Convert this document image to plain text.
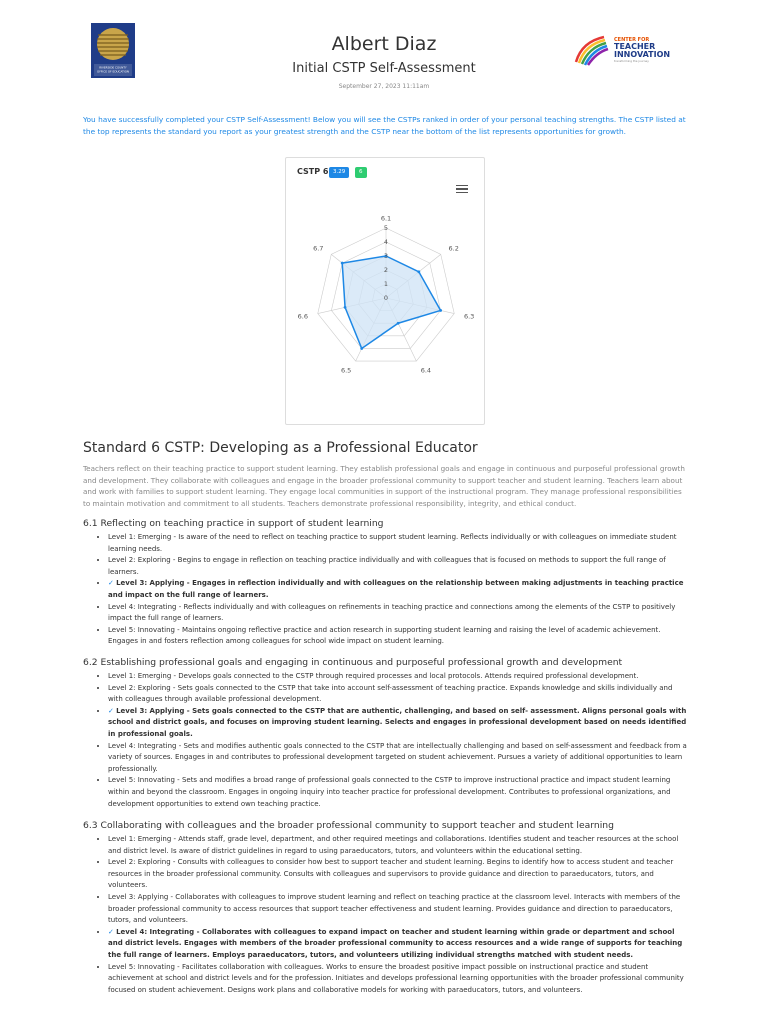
RIVERSIDE COUNTY
OFFICE OF EDUCATION
Albert Diaz
Initial CSTP Self-Assessment
September 27, 2023 11:11am
CENTER FOR
TEACHER
INNOVATION
transforming the journey

You have successfully completed your CSTP Self-Assessment! Below you will see the CSTPs ranked in order of your personal teaching strengths. The CSTP listed at the top represents the standard you report as your greatest strength and the CSTP near the bottom of the list represents opportunities for growth.

CSTP 6 3.29	6
0
1
2
3
4
5
6.1
6.2
6.3
6.4
6.5
6.6
6.7
Standard 6 CSTP: Developing as a Professional Educator

Teachers reflect on their teaching practice to support student learning. They establish professional goals and engage in continuous and purposeful professional growth and development. They collaborate with colleagues and engage in the broader professional community to support teacher and student learning. Teachers learn about and work with families to support student learning. They engage local communities in support of the instructional program. They manage professional responsibilities to maintain motivation and commitment to all students. Teachers demonstrate professional responsibility, integrity, and ethical conduct.

6.1 Reflecting on teaching practice in support of student learning
• Level 1: Emerging - Is aware of the need to reflect on teaching practice to support student learning. Reflects individually or with colleagues on immediate student learning needs.
• Level 2: Exploring - Begins to engage in reflection on teaching practice individually and with colleagues that is focused on methods to support the full range of learners.
• ✓ Level 3: Applying - Engages in reflection individually and with colleagues on the relationship between making adjustments in teaching practice and impact on the full range of learners.
• Level 4: Integrating - Reflects individually and with colleagues on refinements in teaching practice and connections among the elements of the CSTP to positively impact the full range of learners.
• Level 5: Innovating - Maintains ongoing reflective practice and action research in supporting student learning and raising the level of academic achievement. Engages in and fosters reflection among colleagues for school wide impact on student learning.
6.2 Establishing professional goals and engaging in continuous and purposeful professional growth and development
• Level 1: Emerging - Develops goals connected to the CSTP through required processes and local protocols. Attends required professional development.
• Level 2: Exploring - Sets goals connected to the CSTP that take into account self-assessment of teaching practice. Expands knowledge and skills individually and with colleagues through available professional development.
• ✓ Level 3: Applying - Sets goals connected to the CSTP that are authentic, challenging, and based on self- assessment. Aligns personal goals with school and district goals, and focuses on improving student learning. Selects and engages in professional development based on needs identified in professional goals.
• Level 4: Integrating - Sets and modifies authentic goals connected to the CSTP that are intellectually challenging and based on self-assessment and feedback from a variety of sources. Engages in and contributes to professional development targeted on student achievement. Pursues a variety of additional opportunities to learn professionally.
• Level 5: Innovating - Sets and modifies a broad range of professional goals connected to the CSTP to improve instructional practice and impact student learning within and beyond the classroom. Engages in ongoing inquiry into teacher practice for professional development. Contributes to professional organizations, and development opportunities to extend own teaching practice.
6.3 Collaborating with colleagues and the broader professional community to support teacher and student learning
• Level 1: Emerging - Attends staff, grade level, department, and other required meetings and collaborations. Identifies student and teacher resources at the school and district level. Is aware of district guidelines in regard to using paraeducators, tutors, and volunteers within the educational setting.
• Level 2: Exploring - Consults with colleagues to consider how best to support teacher and student learning. Begins to identify how to access student and teacher resources in the broader professional community. Consults with colleagues and supervisors to provide guidance and direction to paraeducators, tutors, and volunteers.
• Level 3: Applying - Collaborates with colleagues to improve student learning and reflect on teaching practice at the classroom level. Interacts with members of the broader professional community to access resources that support teacher effectiveness and student learning. Provides guidance and direction to paraeducators, tutors, and volunteers.
• ✓ Level 4: Integrating - Collaborates with colleagues to expand impact on teacher and student learning within grade or department and school and district levels. Engages with members of the broader professional community to access resources and a wide range of supports for teaching the full range of learners. Employs paraeducators, tutors, and volunteers utilizing individual strengths matched with student needs.
• Level 5: Innovating - Facilitates collaboration with colleagues. Works to ensure the broadest positive impact possible on instructional practice and student achievement at school and district levels and for the profession. Initiates and develops professional learning opportunities with the broader professional community focused on student achievement. Designs work plans and collaborative models for working with paraeducators, tutors, and volunteers.
